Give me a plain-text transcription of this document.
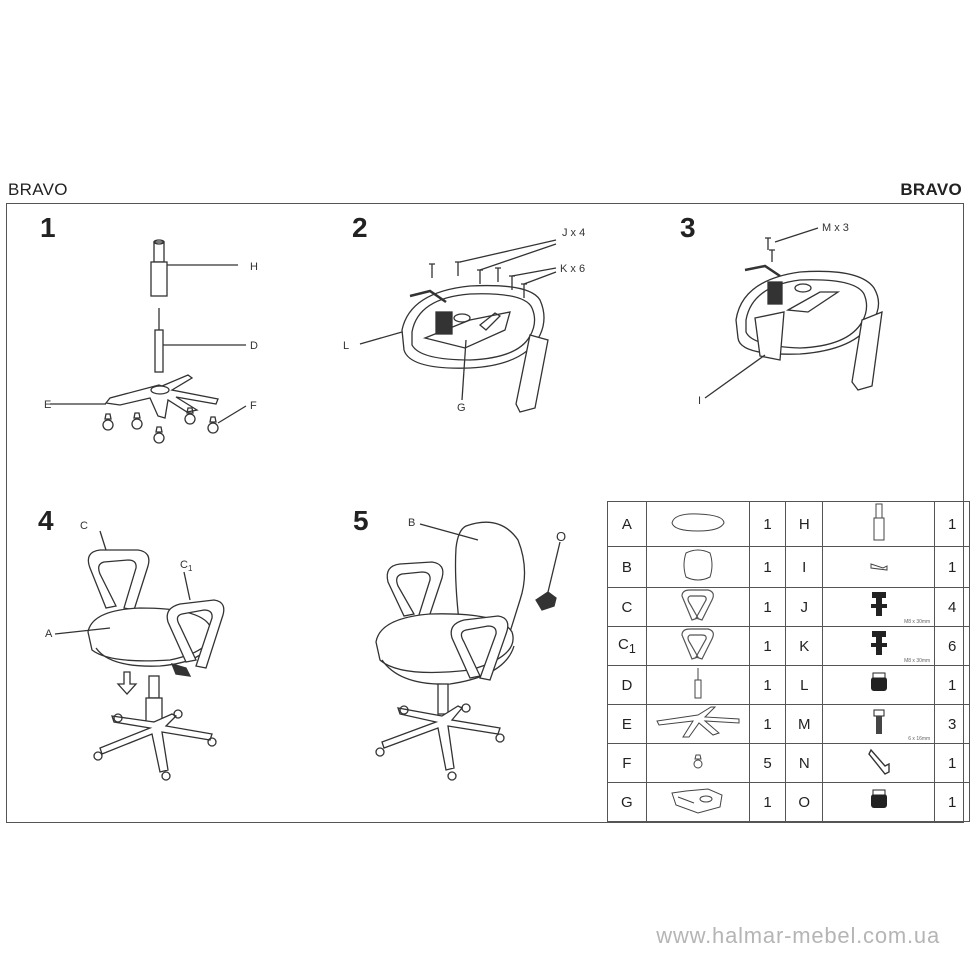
BRAVO	BRAVO
1	2	3
4	5
H
D
E	F
J x 4
K x 6
L
G
M x 3
I
C
$C_1$
A
B
O
A		1	H		1
B		1	I		1
C		1	J	M8 x 30mm	4
$C_1$		1	K	M8 x 30mm	6
D		1	L		1
E		1	M	6 x 16mm	3
F		5	N		1
G		1	O		1
www.halmar-mebel.com.ua
